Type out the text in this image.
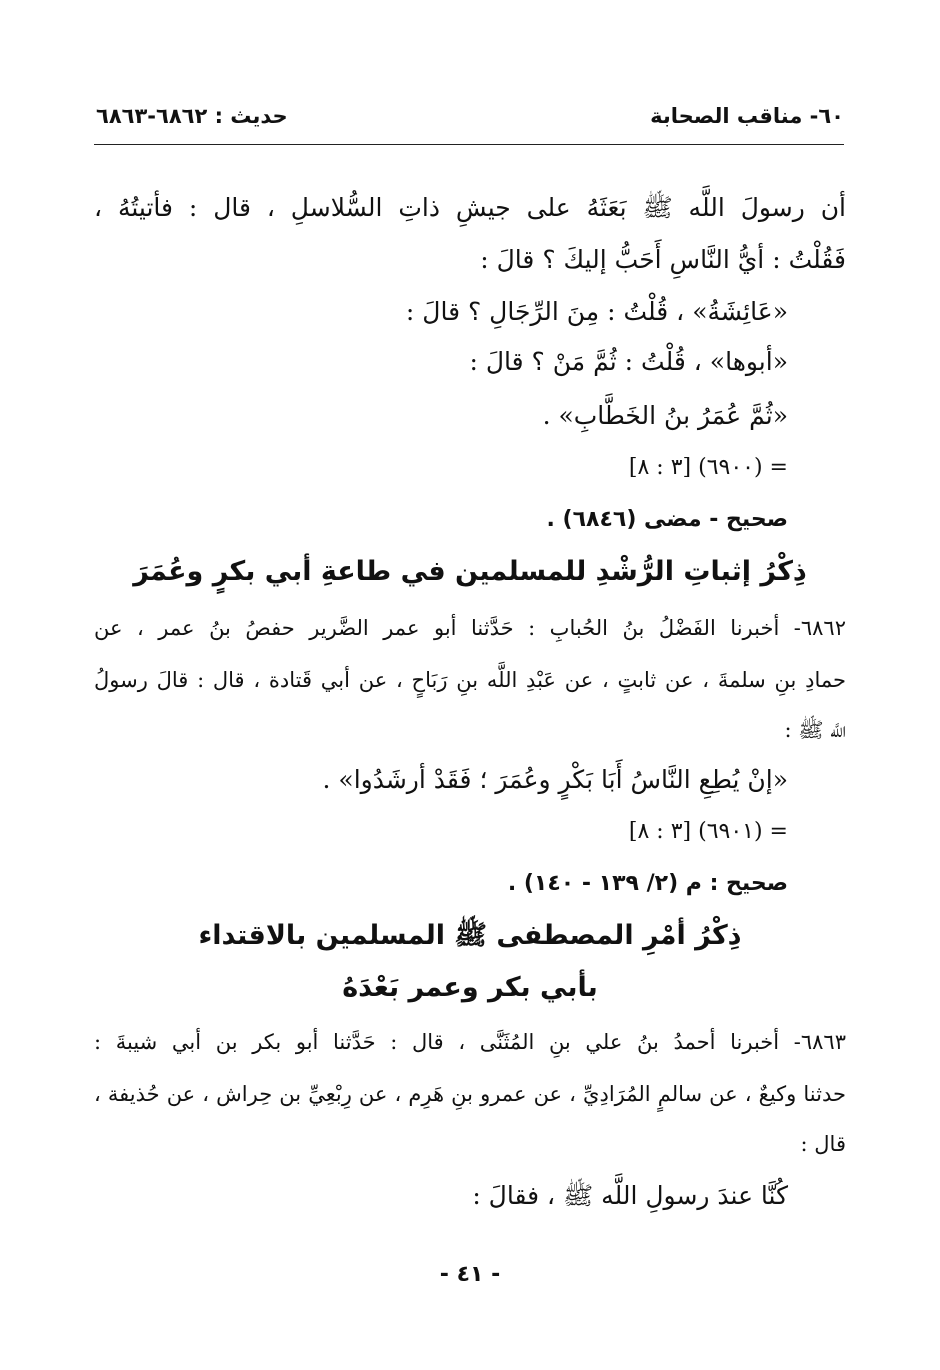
٦٠- مناقب الصحابة
حديث : ٦٨٦٢-٦٨٦٣
أن رسولَ اللَّه ﷺ بَعَثَهُ على جيشِ ذاتِ السُّلاسلِ ، قال : فأتيتُهُ ،
فَقُلْتُ : أيُّ النَّاسِ أَحَبُّ إليكَ ؟ قالَ :
«عَائِشَةُ» ، قُلْتُ : مِنَ الرِّجَالِ ؟ قالَ :
«أبوها» ، قُلْتُ : ثُمَّ مَنْ ؟ قالَ :
«ثُمَّ عُمَرُ بنُ الخَطَّابِ» .
= (٦٩٠٠) [٣ : ٨]
صحيح - مضى (٦٨٤٦) .
ذِكْرُ إثباتِ الرُّشْدِ للمسلمين في طاعةِ أبي بكرٍ وعُمَرَ
٦٨٦٢- أخبرنا الفَضْلُ بنُ الحُبابِ : حَدَّثنا أبو عمر الضَّرير حفصُ بنُ عمر ، عن
حمادِ بنِ سلمةَ ، عن ثابتٍ ، عن عَبْدِ اللَّه بنِ رَبَاحٍ ، عن أبي قَتادة ، قال : قالَ رسولُ
اللَّه ﷺ :
«إنْ يُطِعِ النَّاسُ أَبَا بَكْرٍ وعُمَرَ ؛ فَقَدْ أرشَدُوا» .
= (٦٩٠١) [٣ : ٨]
صحيح : م (٢/ ١٣٩ - ١٤٠) .
ذِكْرُ أمْرِ المصطفى ﷺ المسلمين بالاقتداء
بأبي بكر وعمر بَعْدَهُ
٦٨٦٣- أخبرنا أحمدُ بنُ علي بنِ المُثَنَّى ، قال : حَدَّثنا أبو بكر بن أبي شيبةَ :
حدثنا وكيعٌ ، عن سالمٍ المُرَادِيِّ ، عن عمرو بنِ هَرِم ، عن رِبْعِيِّ بن حِراش ، عن حُذيفة ،
قال :
كُنَّا عندَ رسولِ اللَّه ﷺ ، فقالَ :
- ٤١ -
